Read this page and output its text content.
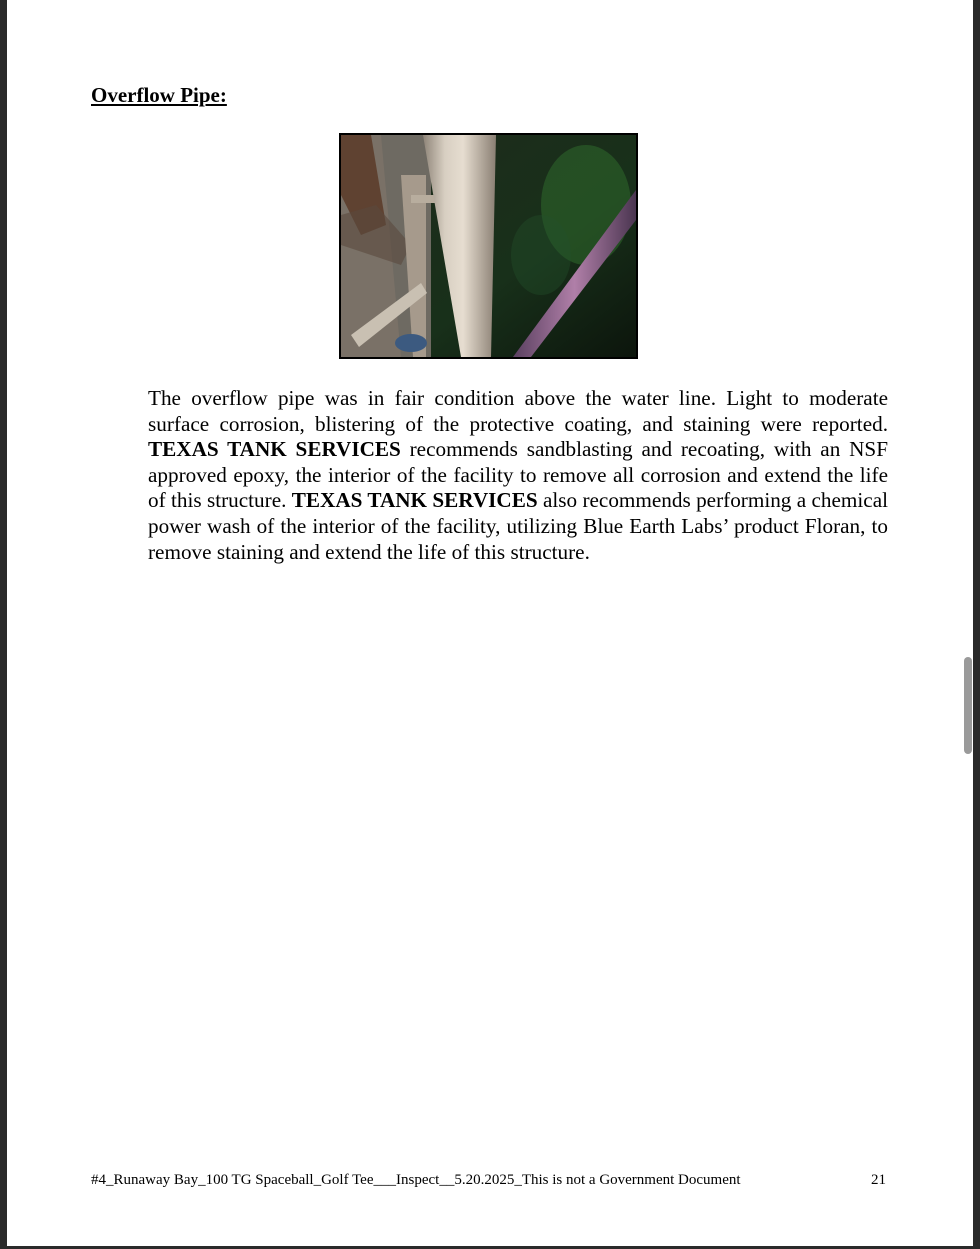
Overflow Pipe:

The overflow pipe was in fair condition above the water line. Light to moderate surface corrosion, blistering of the protective coating, and staining were reported. TEXAS TANK SERVICES recommends sandblasting and recoating, with an NSF approved epoxy, the interior of the facility to remove all corrosion and extend the life of this structure. TEXAS TANK SERVICES also recommends performing a chemical power wash of the interior of the facility, utilizing Blue Earth Labs’ product Floran, to remove staining and extend the life of this structure.

#4_Runaway Bay_100 TG Spaceball_Golf Tee___Inspect__5.20.2025_This is not a Government Document	21
